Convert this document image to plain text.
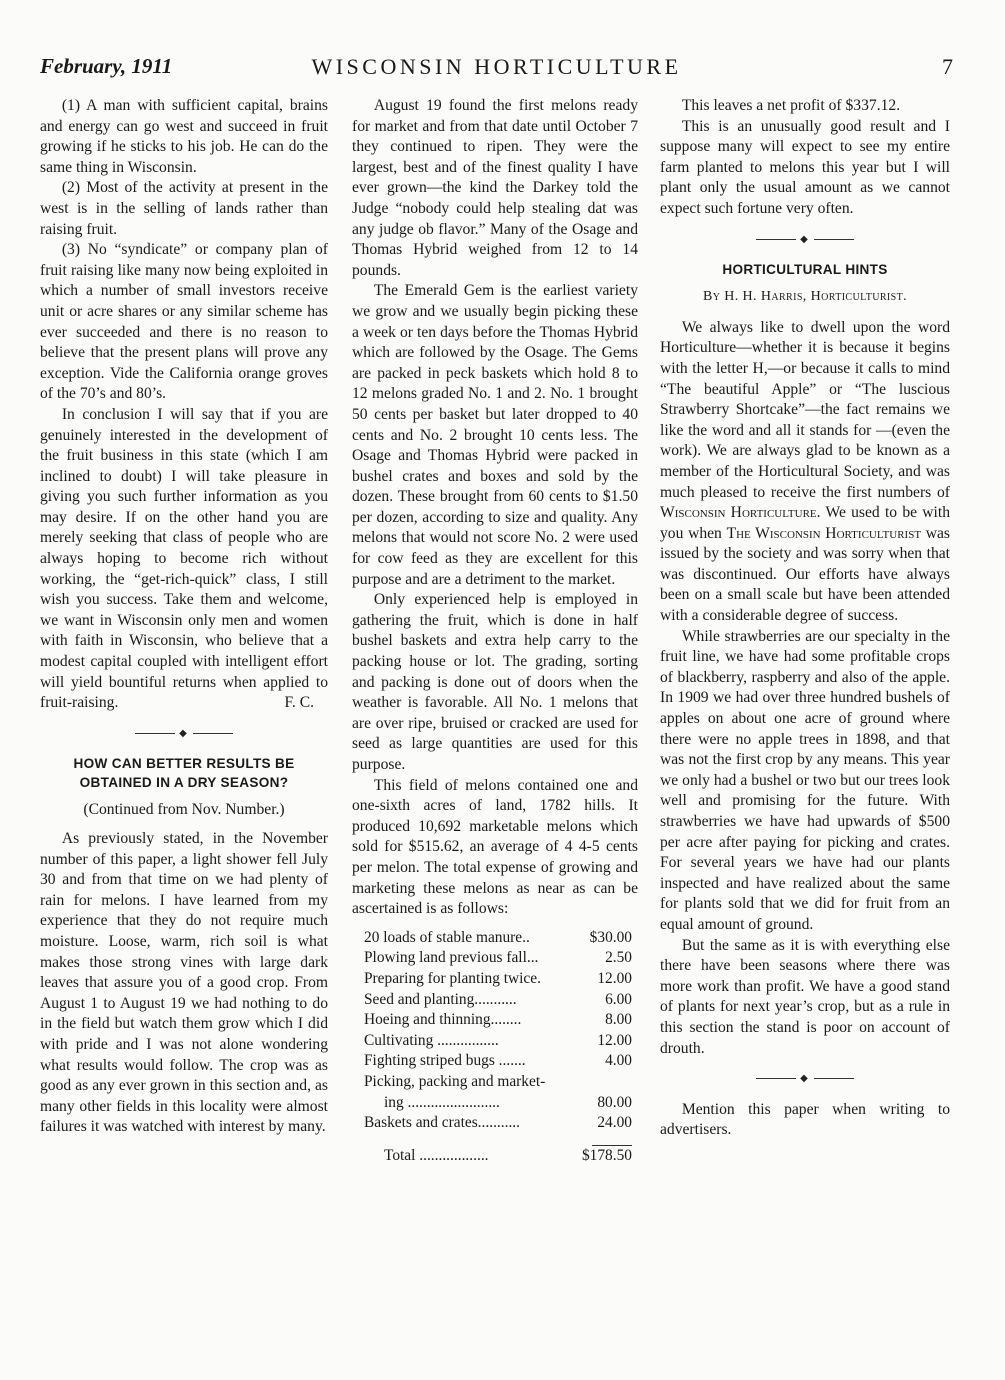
February, 1911	WISCONSIN HORTICULTURE	7

(1) A man with sufficient capital, brains and energy can go west and succeed in fruit growing if he sticks to his job. He can do the same thing in Wisconsin.

(2) Most of the activity at present in the west is in the selling of lands rather than raising fruit.

(3) No “syndicate” or company plan of fruit raising like many now being exploited in which a number of small investors receive unit or acre shares or any similar scheme has ever succeeded and there is no reason to believe that the present plans will prove any exception. Vide the California orange groves of the 70’s and 80’s.

In conclusion I will say that if you are genuinely interested in the development of the fruit business in this state (which I am inclined to doubt) I will take pleasure in giving you such further information as you may desire. If on the other hand you are merely seeking that class of people who are always hoping to become rich without working, the “get-rich-quick” class, I still wish you success. Take them and welcome, we want in Wisconsin only men and women with faith in Wisconsin, who believe that a modest capital coupled with intelligent effort will yield bountiful returns when applied to fruit-raising.	F. C.

◆
HOW CAN BETTER RESULTS BE OBTAINED IN A DRY SEASON?
(Continued from Nov. Number.)

As previously stated, in the November number of this paper, a light shower fell July 30 and from that time on we had plenty of rain for melons. I have learned from my experience that they do not require much moisture. Loose, warm, rich soil is what makes those strong vines with large dark leaves that assure you of a good crop. From August 1 to August 19 we had nothing to do in the field but watch them grow which I did with pride and I was not alone wondering what results would follow. The crop was as good as any ever grown in this section and, as many other fields in this locality were almost failures it was watched with interest by many.

August 19 found the first melons ready for market and from that date until October 7 they continued to ripen. They were the largest, best and of the finest quality I have ever grown—the kind the Darkey told the Judge “nobody could help stealing dat was any judge ob flavor.” Many of the Osage and Thomas Hybrid weighed from 12 to 14 pounds.

The Emerald Gem is the earliest variety we grow and we usually begin picking these a week or ten days before the Thomas Hybrid which are followed by the Osage. The Gems are packed in peck baskets which hold 8 to 12 melons graded No. 1 and 2. No. 1 brought 50 cents per basket but later dropped to 40 cents and No. 2 brought 10 cents less. The Osage and Thomas Hybrid were packed in bushel crates and boxes and sold by the dozen. These brought from 60 cents to $1.50 per dozen, according to size and quality. Any melons that would not score No. 2 were used for cow feed as they are excellent for this purpose and are a detriment to the market.

Only experienced help is employed in gathering the fruit, which is done in half bushel baskets and extra help carry to the packing house or lot. The grading, sorting and packing is done out of doors when the weather is favorable. All No. 1 melons that are over ripe, bruised or cracked are used for seed as large quantities are used for this purpose.

This field of melons contained one and one-sixth acres of land, 1782 hills. It produced 10,692 marketable melons which sold for $515.62, an average of 4 4-5 cents per melon. The total expense of growing and marketing these melons as near as can be ascertained is as follows:

20 loads of stable manure..	$30.00
Plowing land previous fall...	2.50
Preparing for planting twice.	12.00
Seed and planting...........	6.00
Hoeing and thinning........	8.00
Cultivating ................	12.00
Fighting striped bugs .......	4.00
Picking, packing and market-	
ing ........................	80.00
Baskets and crates...........	24.00

Total ..................	$178.50

This leaves a net profit of $337.12.

This is an unusually good result and I suppose many will expect to see my entire farm planted to melons this year but I will plant only the usual amount as we cannot expect such fortune very often.

◆
HORTICULTURAL HINTS
By H. H. Harris, Horticulturist.

We always like to dwell upon the word Horticulture—whether it is because it begins with the letter H,—or because it calls to mind “The beautiful Apple” or “The luscious Strawberry Shortcake”—the fact remains we like the word and all it stands for —(even the work). We are always glad to be known as a member of the Horticultural Society, and was much pleased to receive the first numbers of Wisconsin Horticulture. We used to be with you when The Wisconsin Horticulturist was issued by the society and was sorry when that was discontinued. Our efforts have always been on a small scale but have been attended with a considerable degree of success.

While strawberries are our specialty in the fruit line, we have had some profitable crops of blackberry, raspberry and also of the apple. In 1909 we had over three hundred bushels of apples on about one acre of ground where there were no apple trees in 1898, and that was not the first crop by any means. This year we only had a bushel or two but our trees look well and promising for the future. With strawberries we have had upwards of $500 per acre after paying for picking and crates. For several years we have had our plants inspected and have realized about the same for plants sold that we did for fruit from an equal amount of ground.

But the same as it is with everything else there have been seasons where there was more work than profit. We have a good stand of plants for next year’s crop, but as a rule in this section the stand is poor on account of drouth.

◆

Mention this paper when writing to advertisers.
